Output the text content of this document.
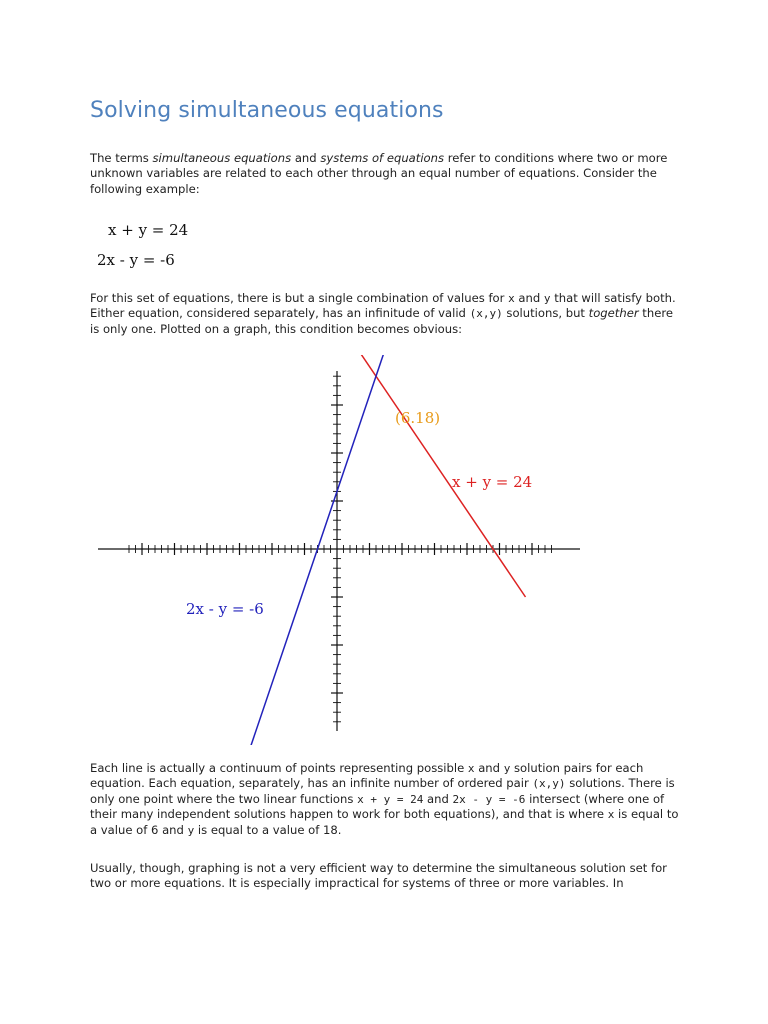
Solving simultaneous equations

The terms simultaneous equations and systems of equations refer to conditions where two or more unknown variables are related to each other through an equal number of equations. Consider the following example:

x + y = 24
2x - y = -6

For this set of equations, there is but a single combination of values for x and y that will satisfy both. Either equation, considered separately, has an infinitude of valid (x,y) solutions, but together there is only one. Plotted on a graph, this condition becomes obvious:

x + y = 24
2x - y = -6
(6.18)

Each line is actually a continuum of points representing possible x and y solution pairs for each equation. Each equation, separately, has an infinite number of ordered pair (x,y) solutions. There is only one point where the two linear functions x + y = 24 and 2x - y = -6 intersect (where one of their many independent solutions happen to work for both equations), and that is where x is equal to a value of 6 and y is equal to a value of 18.

Usually, though, graphing is not a very efficient way to determine the simultaneous solution set for two or more equations. It is especially impractical for systems of three or more variables. In
